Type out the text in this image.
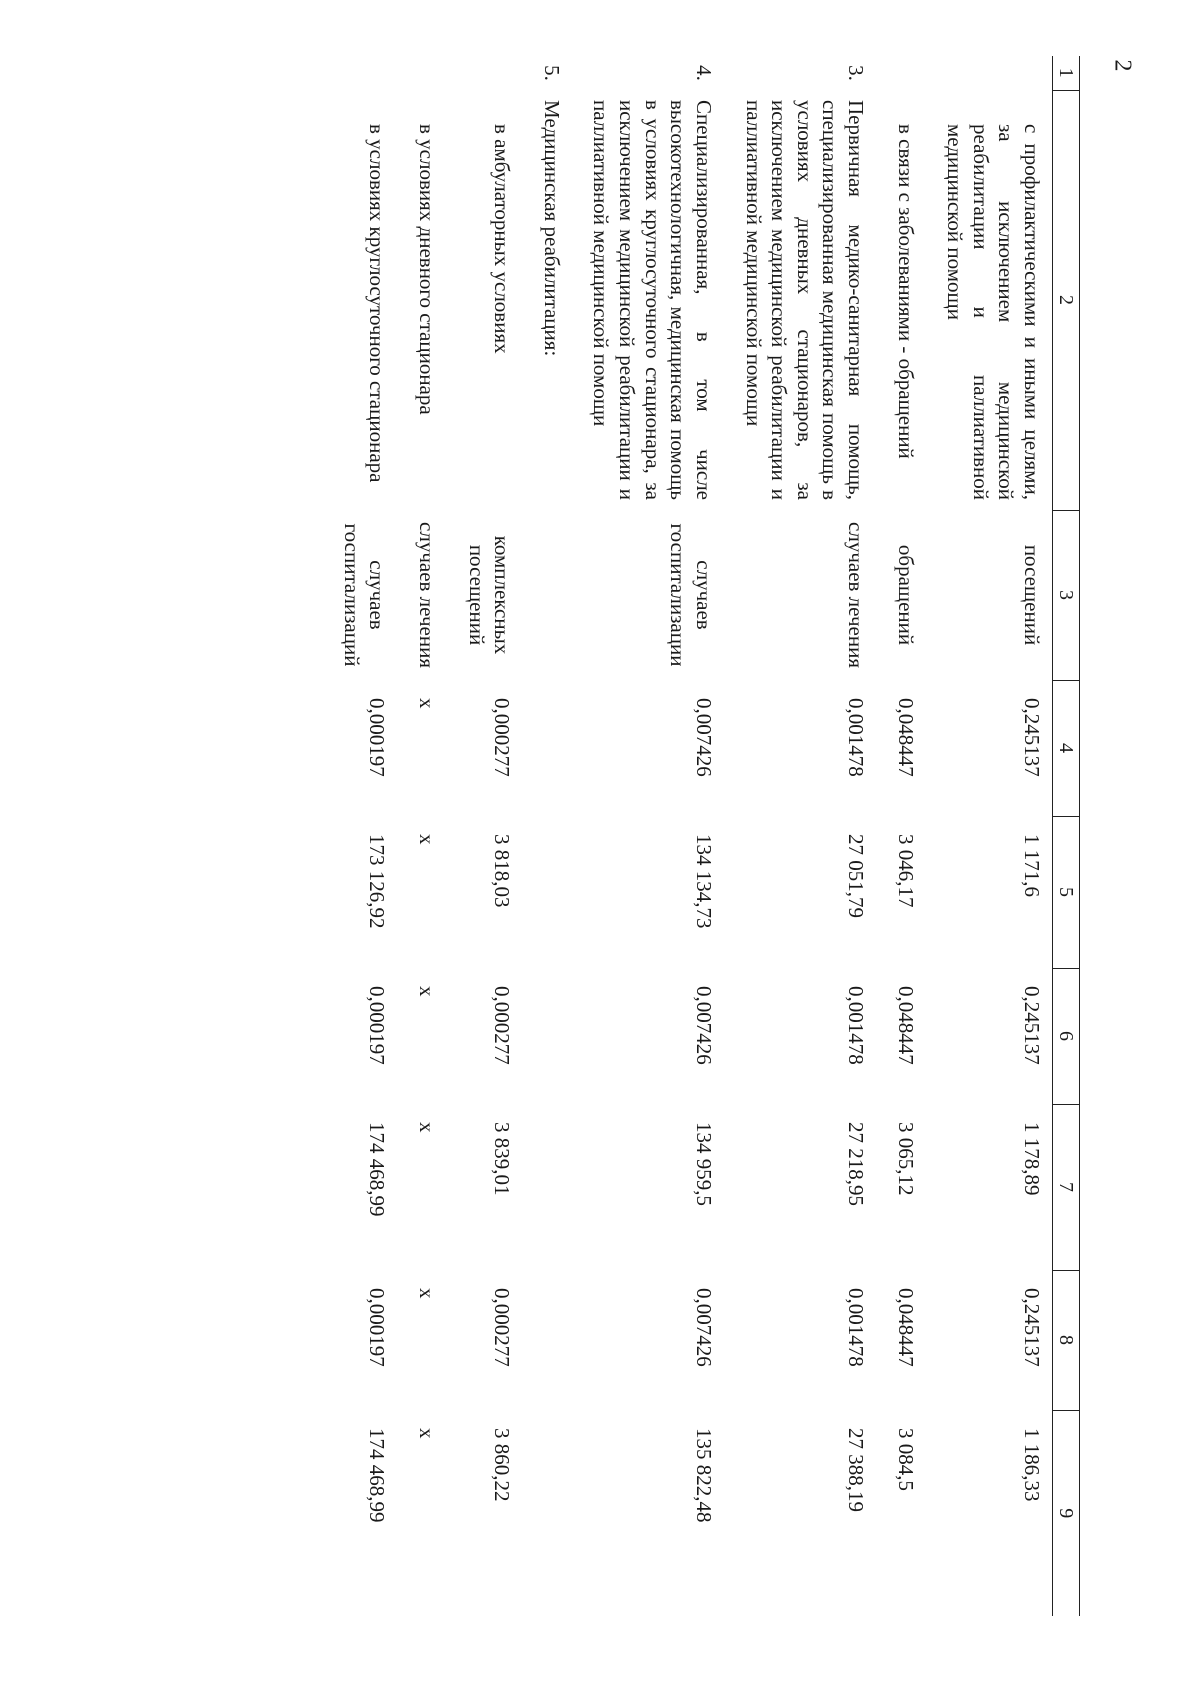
2
1	2	3	4	5	6	7	8	9
	с профилактическими и иными целями, за исключением медицинской реабилитации и паллиативной медицинской помощи	посещений	0,245137	1 171,6	0,245137	1 178,89	0,245137	1 186,33
	в связи с заболеваниями - обращений	обращений	0,048447	3 046,17	0,048447	3 065,12	0,048447	3 084,5
3.	Первичная медико-санитарная помощь, специализированная медицинская помощь в условиях дневных стационаров, за исключением медицинской реабилитации и паллиативной медицинской помощи	случаев лечения	0,001478	27 051,79	0,001478	27 218,95	0,001478	27 388,19
4.	Специализированная, в том числе высокотехнологичная, медицинская помощь в условиях круглосуточного стационара, за исключением медицинской реабилитации и паллиативной медицинской помощи	случаев госпитализации	0,007426	134 134,73	0,007426	134 959,5	0,007426	135 822,48
5.	Медицинская реабилитация:							
	в амбулаторных условиях	комплексных посещений	0,000277	3 818,03	0,000277	3 839,01	0,000277	3 860,22
	в условиях дневного стационара	случаев лечения	х	х	х	х	х	х
	в условиях круглосуточного стационара	случаев госпитализаций	0,000197	173 126,92	0,000197	174 468,99	0,000197	174 468,99
